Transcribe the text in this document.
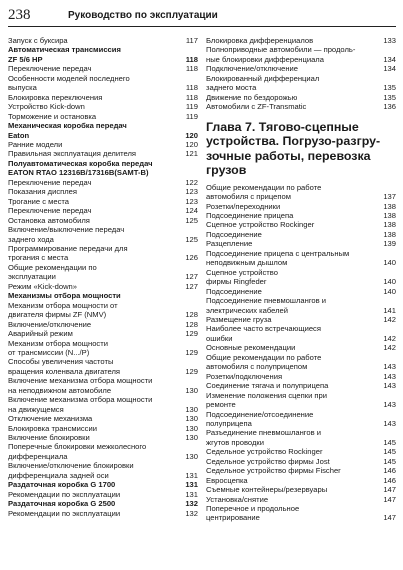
238	Руководство по эксплуатации
Запуск с буксира	117
Автоматическая трансмиссия
ZF 5/6 HP	118
Переключение передач	118
Особенности моделей последнего
выпуска	118
Блокировка переключения	118
Устройство Kick-down	119
Торможение и остановка	119
Механическая коробка передач
Eaton	120
Ранние модели	120
Правильная эксплуатация делителя	121
Полуавтоматическая коробка передач
EATON RTAO 12316B/17316B(SAMT-B)
Переключение передач	122
Показания дисплея	123
Трогание с места	123
Переключение передач	124
Остановка автомобиля	125
Включение/выключение передач
заднего хода	125
Программирование передачи для
трогания с места	126
Общие рекомендации по
эксплуатации	127
Режим «Kick-down»	127
Механизмы отбора мощности
Механизм отбора мощности от
двигателя фирмы ZF (NMV)	128
Включение/отключение	128
Аварийный режим	129
Механизм отбора мощности
от трансмиссии (N.../P)	129
Способы увеличения частоты
вращения коленвала двигателя	129
Включение механизма отбора мощности
на неподвижном автомобиле	130
Включение механизма отбора мощности
на движущемся	130
Отключение механизма	130
Блокировка трансмиссии	130
Включение блокировки	130
Поперечные блокировки межколесного
дифференциала	130
Включение/отключение блокировки
дифференциала задней оси	131
Раздаточная коробка G 1700	131
Рекомендации по эксплуатации	131
Раздаточная коробка G 2500	132
Рекомендации по эксплуатации	132
Блокировка дифференциалов	133
Полноприводные автомобили — продоль-
ные блокировки дифференциала	134
Подключение/отключение	134
Блокированный дифференциал
заднего моста	135
Движение по бездорожью	135
Автомобили с ZF-Transmatic	136
Глава 7. Тягово-сцепные устройства. Погрузо-разгру-зочные работы, перевозка грузов
Общие рекомендации по работе
автомобиля с прицепом	137
Розетки/переходники	138
Подсоединение прицепа	138
Сцепное устройство Rockinger	138
Подсоединение	138
Разцепление	139
Подсоединение прицепа с центральным
неподвижным дышлом	140
Сцепное устройство
фирмы Ringfeder	140
Подсоединение	140
Подсоединение пневмошлангов и
электрических кабелей	141
Размещение груза	142
Наиболее часто встречающиеся
ошибки	142
Основные рекомендации	142
Общие рекомендации по работе
автомобиля с полуприцепом	143
Розетки/подключения	143
Соединение тягача и полуприцепа	143
Изменение положения сцепки при
ремонте	143
Подсоединение/отсоединение
полуприцепа	143
Разъединение пневмошлангов и
жгутов проводки	145
Седельное устройство Rockinger	145
Седельное устройство фирмы Jost	145
Седельное устройство фирмы Fischer	146
Евросцепка	146
Съемные контейнеры/резервуары	147
Установка/снятие	147
Поперечное и продольное
центрирование	147
